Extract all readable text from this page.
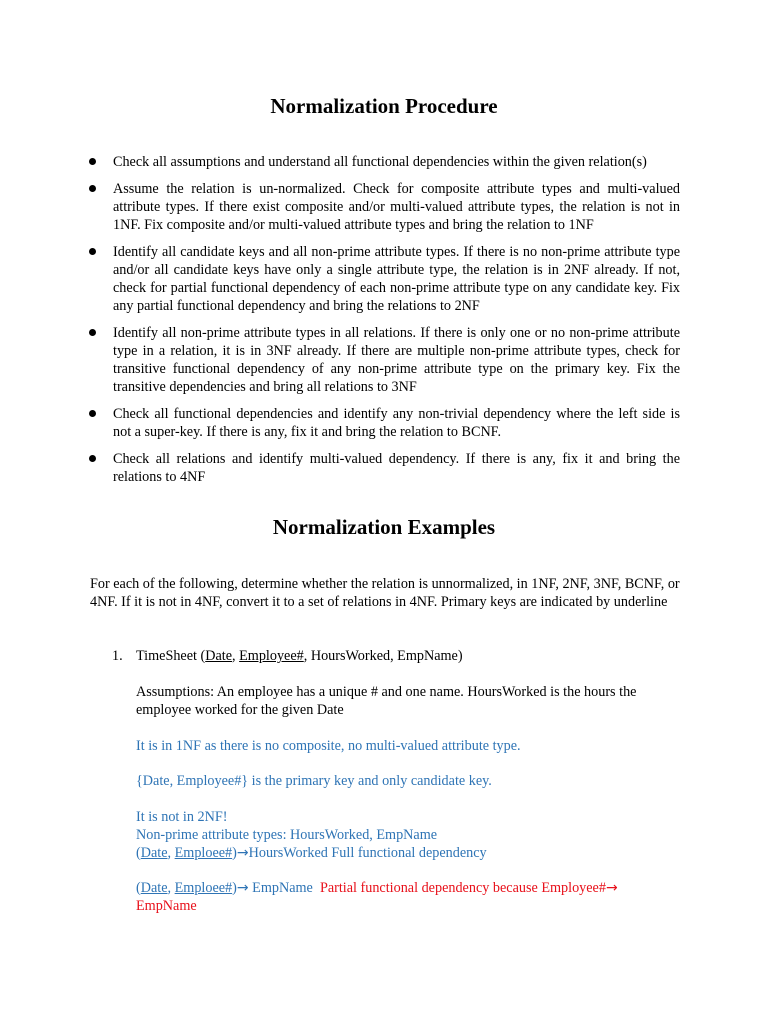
Normalization Procedure
Check all assumptions and understand all functional dependencies within the given relation(s)
Assume the relation is un-normalized. Check for composite attribute types and multi-valued attribute types. If there exist composite and/or multi-valued attribute types, the relation is not in 1NF. Fix composite and/or multi-valued attribute types and bring the relation to 1NF
Identify all candidate keys and all non-prime attribute types. If there is no non-prime attribute type and/or all candidate keys have only a single attribute type, the relation is in 2NF already. If not, check for partial functional dependency of each non-prime attribute type on any candidate key. Fix any partial functional dependency and bring the relations to 2NF
Identify all non-prime attribute types in all relations. If there is only one or no non-prime attribute type in a relation, it is in 3NF already. If there are multiple non-prime attribute types, check for transitive functional dependency of any non-prime attribute type on the primary key. Fix the transitive dependencies and bring all relations to 3NF
Check all functional dependencies and identify any non-trivial dependency where the left side is not a super-key. If there is any, fix it and bring the relation to BCNF.
Check all relations and identify multi-valued dependency. If there is any, fix it and bring the relations to 4NF
Normalization Examples

For each of the following, determine whether the relation is unnormalized, in 1NF, 2NF, 3NF, BCNF, or 4NF. If it is not in 4NF, convert it to a set of relations in 4NF. Primary keys are indicated by underline

1. TimeSheet (Date, Employee#, HoursWorked, EmpName)

Assumptions: An employee has a unique # and one name. HoursWorked is the hours the employee worked for the given Date

It is in 1NF as there is no composite, no multi-valued attribute type.

{Date, Employee#} is the primary key and only candidate key.

It is not in 2NF!

Non-prime attribute types: HoursWorked, EmpName

(Date, Emploee#)→HoursWorked Full functional dependency

(Date, Emploee#)→ EmpName Partial functional dependency because Employee#→
EmpName
